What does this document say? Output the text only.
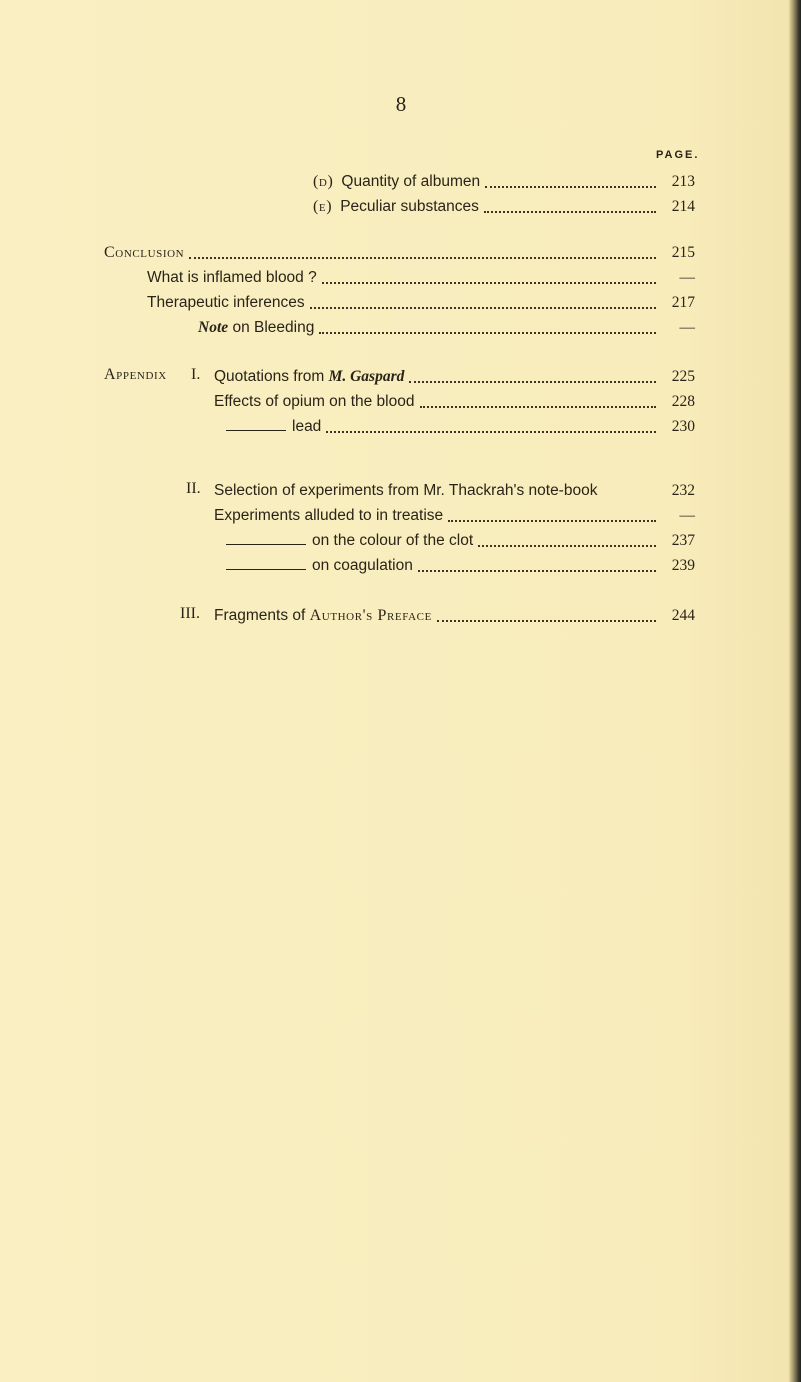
8
PAGE.
(d) Quantity of albumen	213
(e) Peculiar substances	214
Conclusion	215
What is inflamed blood ?	—
Therapeutic inferences	217
Note on Bleeding	—
Appendix I. Quotations from M. Gaspard	225
Effects of opium on the blood	228
lead	230
II. Selection of experiments from Mr. Thackrah's note-book	232
Experiments alluded to in treatise	—
on the colour of the clot	237
on coagulation	239
III. Fragments of Author's Preface	244
